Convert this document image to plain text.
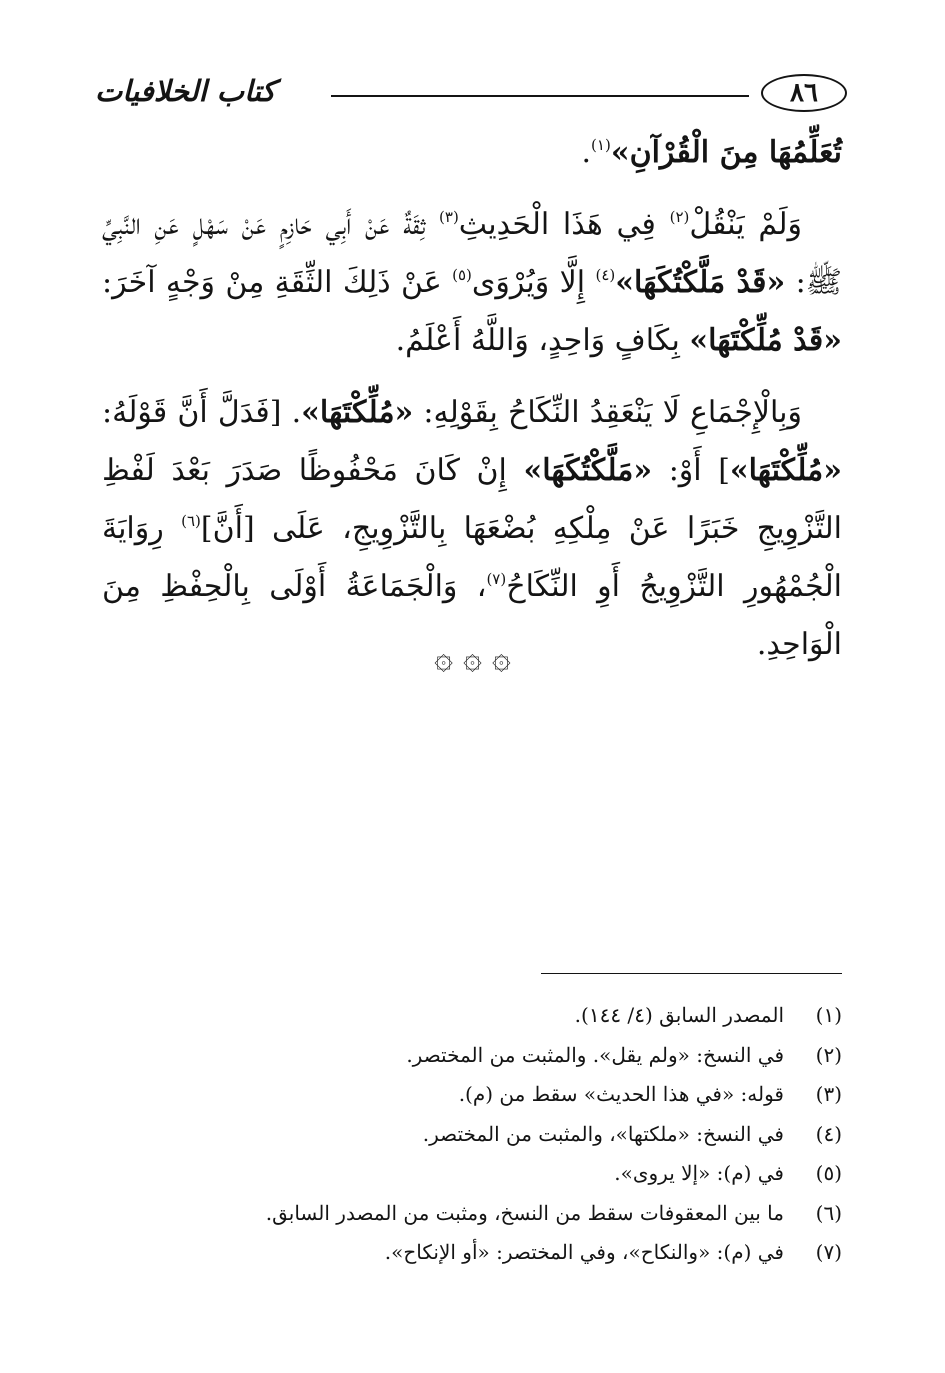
٨٦
كتاب الخلافيات

تُعَلِّمُهَا مِنَ الْقُرْآنِ»$^{(١)}$.

وَلَمْ يَنْقُلْ$^{(٢)}$ فِي هَذَا الْحَدِيثِ$^{(٣)}$ ثِقَةٌ عَنْ أَبِي حَازِمٍ عَنْ سَهْلٍ عَنِ النَّبِيِّ ﷺ: «قَدْ مَلَّكْتُكَهَا»$^{(٤)}$ إِلَّا وَيُرْوَى$^{(٥)}$ عَنْ ذَلِكَ الثِّقَةِ مِنْ وَجْهٍ آخَرَ: «قَدْ مُلِّكْتَهَا» بِكَافٍ وَاحِدٍ، وَاللَّهُ أَعْلَمُ.

وَبِالْإِجْمَاعِ لَا يَنْعَقِدُ النِّكَاحُ بِقَوْلِهِ: «مُلِّكْتَهَا». [فَدَلَّ أَنَّ قَوْلَهُ: «مُلِّكْتَهَا»] أَوْ: «مَلَّكْتُكَهَا» إِنْ كَانَ مَحْفُوظًا صَدَرَ بَعْدَ لَفْظِ التَّزْوِيجِ خَبَرًا عَنْ مِلْكِهِ بُضْعَهَا بِالتَّزْوِيجِ، عَلَى [أَنَّ]$^{(٦)}$ رِوَايَةَ الْجُمْهُورِ التَّزْوِيجُ أَوِ النِّكَاحُ$^{(٧)}$، وَالْجَمَاعَةُ أَوْلَى بِالْحِفْظِ مِنَ الْوَاحِدِ.

۞ ۞ ۞
(١)
المصدر السابق (٤/ ١٤٤).
(٢)
في النسخ: «ولم يقل». والمثبت من المختصر.
(٣)
قوله: «في هذا الحديث» سقط من (م).
(٤)
في النسخ: «ملكتها»، والمثبت من المختصر.
(٥)
في (م): «إلا يروى».
(٦)
ما بين المعقوفات سقط من النسخ، ومثبت من المصدر السابق.
(٧)
في (م): «والنكاح»، وفي المختصر: «أو الإنكاح».
